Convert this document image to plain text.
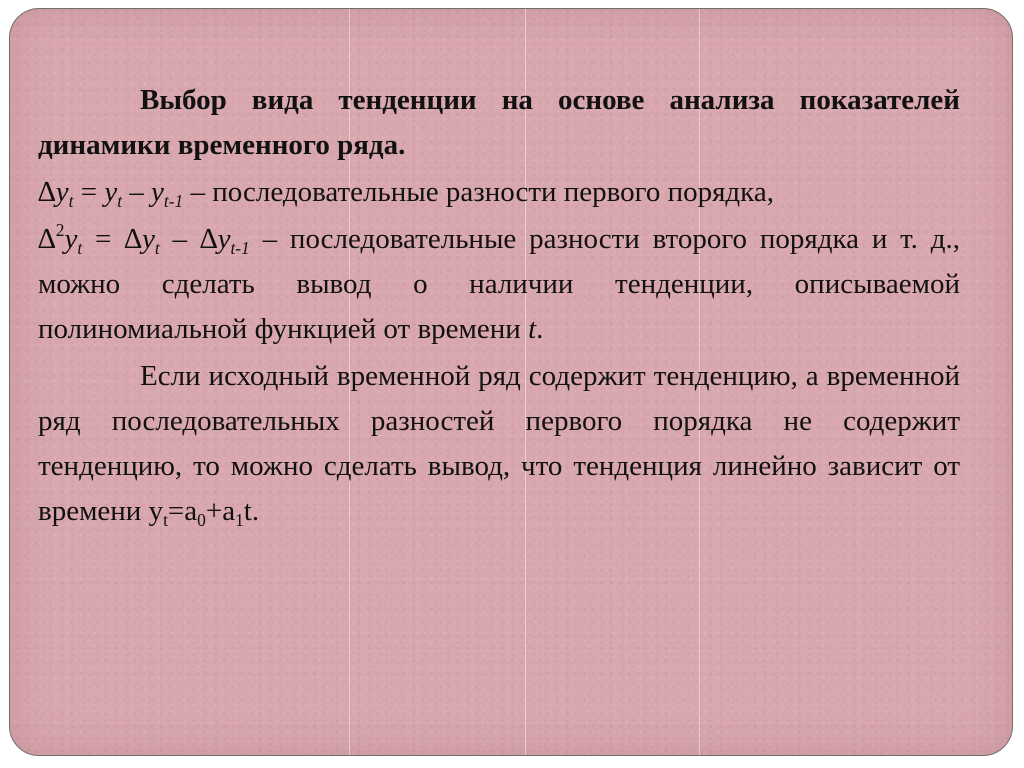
Выбор вида тенденции на основе анализа показателей динамики временного ряда.

$\Delta y_t = y_t - y_{t-1}$ – последовательные разности первого порядка,

$\Delta^2y_t = \Delta y_t - \Delta y_{t-1}$ – последовательные разности второго порядка и т. д., можно сделать вывод о наличии тенденции, описываемой полиномиальной функцией от времени t.

Если исходный временной ряд содержит тенденцию, а временной ряд последовательных разностей первого порядка не содержит тенденцию, то можно сделать вывод, что тенденция линейно зависит от времени $y_t=a_0+a_1t$.
